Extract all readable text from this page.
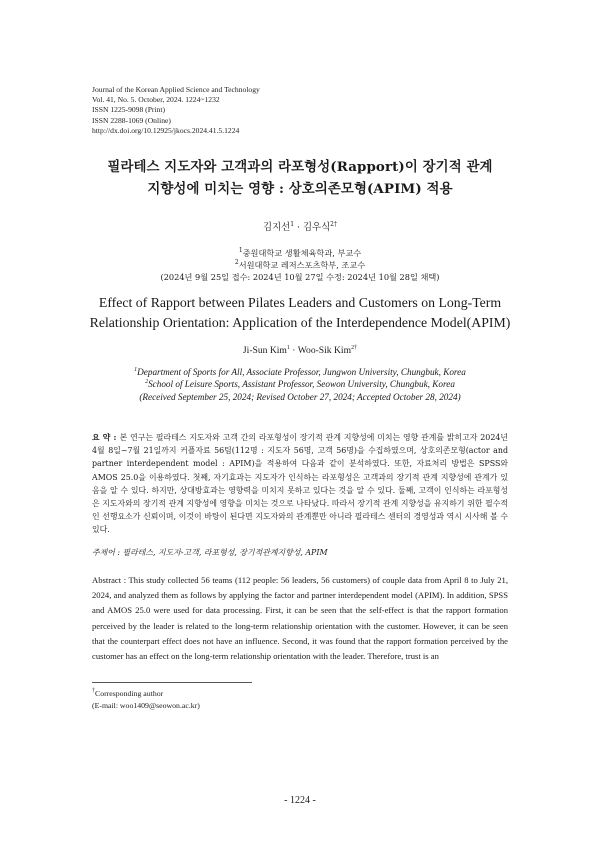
Journal of the Korean Applied Science and Technology
Vol. 41, No. 5. October, 2024. 1224~1232
ISSN 1225-9098 (Print)
ISSN 2288-1069 (Online)
http://dx.doi.org/10.12925/jkocs.2024.41.5.1224
필라테스 지도자와 고객과의 라포형성(Rapport)이 장기적 관계
지향성에 미치는 영향 : 상호의존모형(APIM) 적용
김지선$^1$ · 김우식$^{2\dagger}$
$^1$중원대학교 생활체육학과, 부교수
$^2$서원대학교 레저스포츠학부, 조교수
(2024년 9월 25일 접수: 2024년 10월 27일 수정: 2024년 10월 28일 채택)
Effect of Rapport between Pilates Leaders and Customers on Long-Term
Relationship Orientation: Application of the Interdependence Model(APIM)
Ji-Sun Kim$^1$ · Woo-Sik Kim$^{2\dagger}$
$^1$Department of Sports for All, Associate Professor, Jungwon University, Chungbuk, Korea
$^2$School of Leisure Sports, Assistant Professor, Seowon University, Chungbuk, Korea
(Received September 25, 2024; Revised October 27, 2024; Accepted October 28, 2024)
요 약 : 본 연구는 필라테스 지도자와 고객 간의 라포형성이 장기적 관계 지향성에 미치는 영향 관계를 밝히고자 2024년 4월 8일~7월 21일까지 커플자료 56팀(112명 : 지도자 56명, 고객 56명)을 수집하였으며, 상호의존모형(actor and partner interdependent model : APIM)을 적용하여 다음과 같이 분석하였다. 또한, 자료처리 방법은 SPSS와 AMOS 25.0을 이용하였다. 첫째, 자기효과는 지도자가 인식하는 라포형성은 고객과의 장기적 관계 지향성에 관계가 있음을 알 수 있다. 하지만, 상대방효과는 영향력을 미치지 못하고 있다는 것을 알 수 있다. 둘째, 고객이 인식하는 라포형성은 지도자와의 장기적 관계 지향성에 영향을 미치는 것으로 나타났다. 따라서 장기적 관계 지향성을 유지하기 위한 필수적인 선행요소가 신뢰이며, 이것이 바탕이 된다면 지도자와의 관계뿐만 아니라 필라테스 센터의 경영성과 역시 시사해 볼 수 있다.
주제어 : 필라테스, 지도자-고객, 라포형성, 장기적관계지향성, APIM
Abstract : This study collected 56 teams (112 people: 56 leaders, 56 customers) of couple data from April 8 to July 21, 2024, and analyzed them as follows by applying the factor and partner interdependent model (APIM). In addition, SPSS and AMOS 25.0 were used for data processing. First, it can be seen that the self-effect is that the rapport formation perceived by the leader is related to the long-term relationship orientation with the customer. However, it can be seen that the counterpart effect does not have an influence. Second, it was found that the rapport formation perceived by the customer has an effect on the long-term relationship orientation with the leader. Therefore, trust is an
†Corresponding author
(E-mail: woo1409@seowon.ac.kr)
- 1224 -
